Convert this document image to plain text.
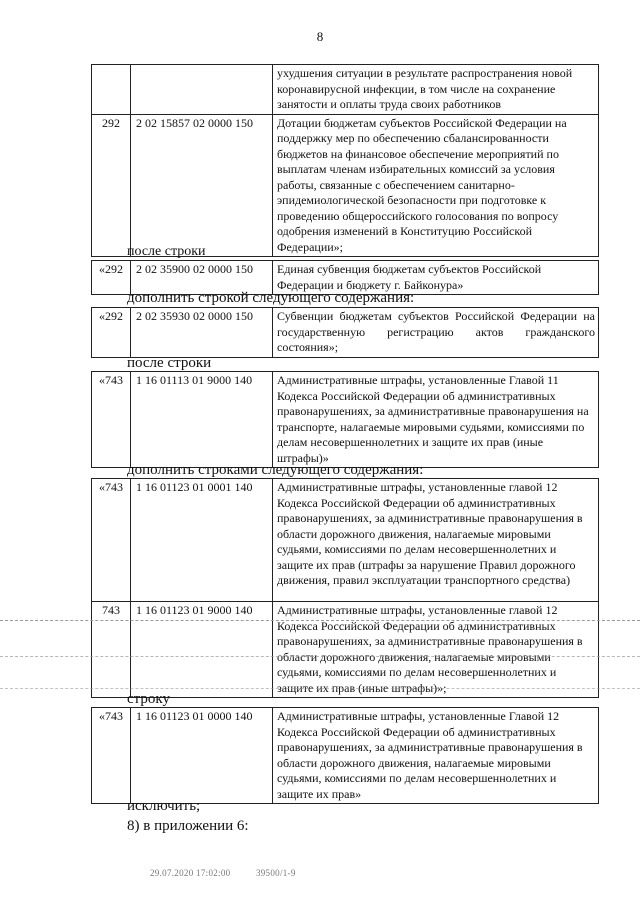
8
		ухудшения ситуации в результате распространения новой коронавирусной инфекции, в том числе на сохранение занятости и оплаты труда своих работников
292	2 02 15857 02 0000 150	Дотации бюджетам субъектов Российской Федерации на поддержку мер по обеспечению сбалансированности бюджетов на финансовое обеспечение мероприятий по выплатам членам избирательных комиссий за условия работы, связанные с обеспечением санитарно-эпидемиологической безопасности при подготовке к проведению общероссийского голосования по вопросу одобрения изменений в Конституцию Российской Федерации»;
после строки
«292	2 02 35900 02 0000 150	Единая субвенция бюджетам субъектов Российской Федерации и бюджету г. Байконура»
дополнить строкой следующего содержания:
«292	2 02 35930 02 0000 150	Субвенции бюджетам субъектов Российской Федерации на государственную регистрацию актов гражданского состояния»;
после строки
«743	1 16 01113 01 9000 140	Административные штрафы, установленные Главой 11 Кодекса Российской Федерации об административных правонарушениях, за административные правонарушения на транспорте, налагаемые мировыми судьями, комиссиями по делам несовершеннолетних и защите их прав (иные штрафы)»
дополнить строками следующего содержания:
«743	1 16 01123 01 0001 140	Административные штрафы, установленные главой 12 Кодекса Российской Федерации об административных правонарушениях, за административные правонарушения в области дорожного движения, налагаемые мировыми судьями, комиссиями по делам несовершеннолетних и защите их прав (штрафы за нарушение Правил дорожного движения, правил эксплуатации транспортного средства)
743	1 16 01123 01 9000 140	Административные штрафы, установленные главой 12 Кодекса Российской Федерации об административных правонарушениях, за административные правонарушения в области дорожного движения, налагаемые мировыми судьями, комиссиями по делам несовершеннолетних и защите их прав (иные штрафы)»;
строку
«743	1 16 01123 01 0000 140	Административные штрафы, установленные Главой 12 Кодекса Российской Федерации об административных правонарушениях, за административные правонарушения в области дорожного движения, налагаемые мировыми судьями, комиссиями по делам несовершеннолетних и защите их прав»
исключить;
8) в приложении 6:
29.07.2020 17:02:00	39500/1-9
